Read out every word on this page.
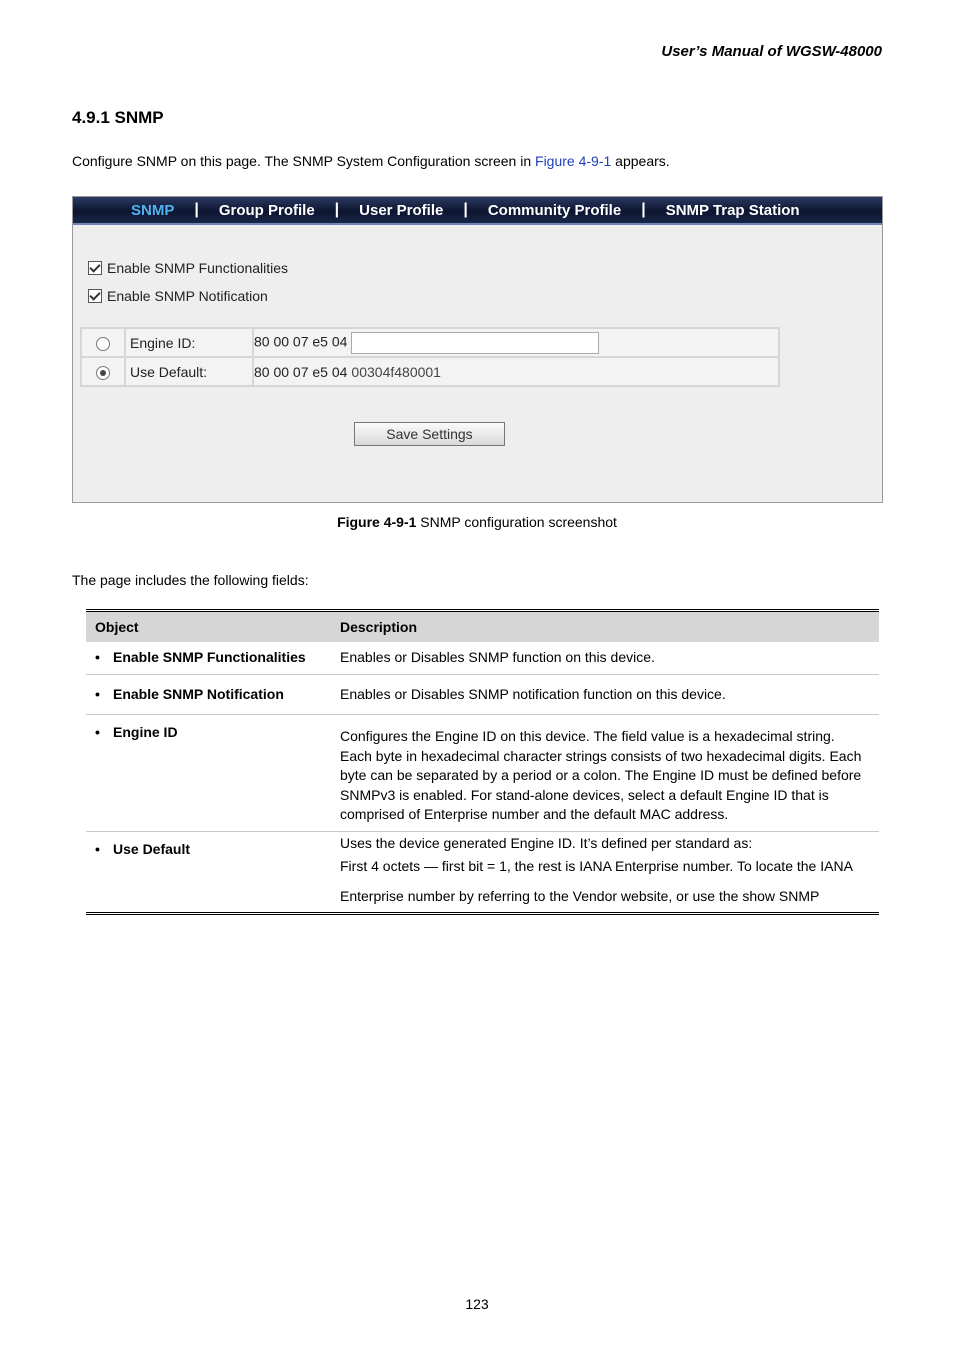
User’s Manual of WGSW-48000
4.9.1 SNMP
Configure SNMP on this page. The SNMP System Configuration screen in Figure 4-9-1 appears.
SNMP | Group Profile | User Profile | Community Profile | SNMP Trap Station
Enable SNMP Functionalities
Enable SNMP Notification
	Engine ID:	80 00 07 e5 04
	Use Default:	80 00 07 e5 04 00304f480001
Save Settings
Figure 4-9-1 SNMP configuration screenshot
The page includes the following fields:
Object	Description
• Enable SNMP Functionalities	Enables or Disables SNMP function on this device.

• Enable SNMP Notification	Enables or Disables SNMP notification function on this device.

• Engine ID	Configures the Engine ID on this device. The field value is a hexadecimal string. Each byte in hexadecimal character strings consists of two hexadecimal digits. Each byte can be separated by a period or a colon. The Engine ID must be defined before SNMPv3 is enabled. For stand-alone devices, select a default Engine ID that is comprised of Enterprise number and the default MAC address.

• Use Default	Uses the device generated Engine ID. It’s defined per standard as:

First 4 octets — first bit = 1, the rest is IANA Enterprise number. To locate the IANA

Enterprise number by referring to the Vendor website, or use the show SNMP

123
